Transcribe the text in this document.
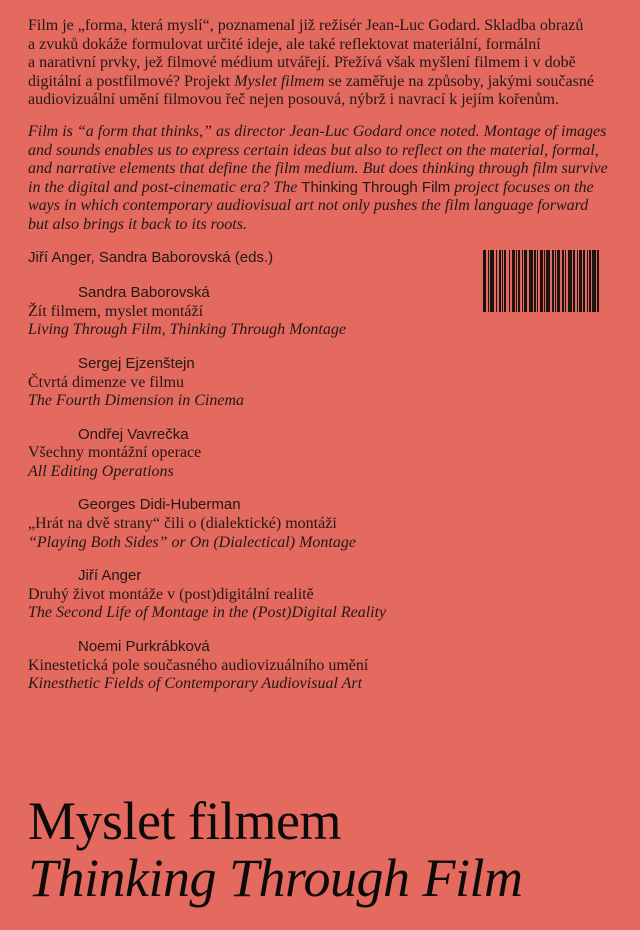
Film je „forma, která myslí“, poznamenal již režisér Jean-Luc Godard. Skladba obrazů
a zvuků dokáže formulovat určité ideje, ale také reflektovat materiální, formální
a narativní prvky, jež filmové médium utvářejí. Přežívá však myšlení filmem i v době
digitální a postfilmové? Projekt Myslet filmem se zaměřuje na způsoby, jakými současné
audiovizuální umění filmovou řeč nejen posouvá, nýbrž i navrací k jejím kořenům.
Film is “a form that thinks,” as director Jean-Luc Godard once noted. Montage of images
and sounds enables us to express certain ideas but also to reflect on the material, formal,
and narrative elements that define the film medium. But does thinking through film survive
in the digital and post-cinematic era? The Thinking Through Film project focuses on the
ways in which contemporary audiovisual art not only pushes the film language forward
but also brings it back to its roots.
Jiří Anger, Sandra Baborovská (eds.)
Sandra Baborovská
Žít filmem, myslet montáží
Living Through Film, Thinking Through Montage
Sergej Ejzenštejn
Čtvrtá dimenze ve filmu
The Fourth Dimension in Cinema
Ondřej Vavrečka
Všechny montážní operace
All Editing Operations
Georges Didi-Huberman
„Hrát na dvě strany“ čili o (dialektické) montáži
“Playing Both Sides” or On (Dialectical) Montage
Jiří Anger
Druhý život montáže v (post)digitální realitě
The Second Life of Montage in the (Post)Digital Reality
Noemi Purkrábková
Kinestetická pole současného audiovizuálního umění
Kinesthetic Fields of Contemporary Audiovisual Art
Myslet filmem
Thinking Through Film
